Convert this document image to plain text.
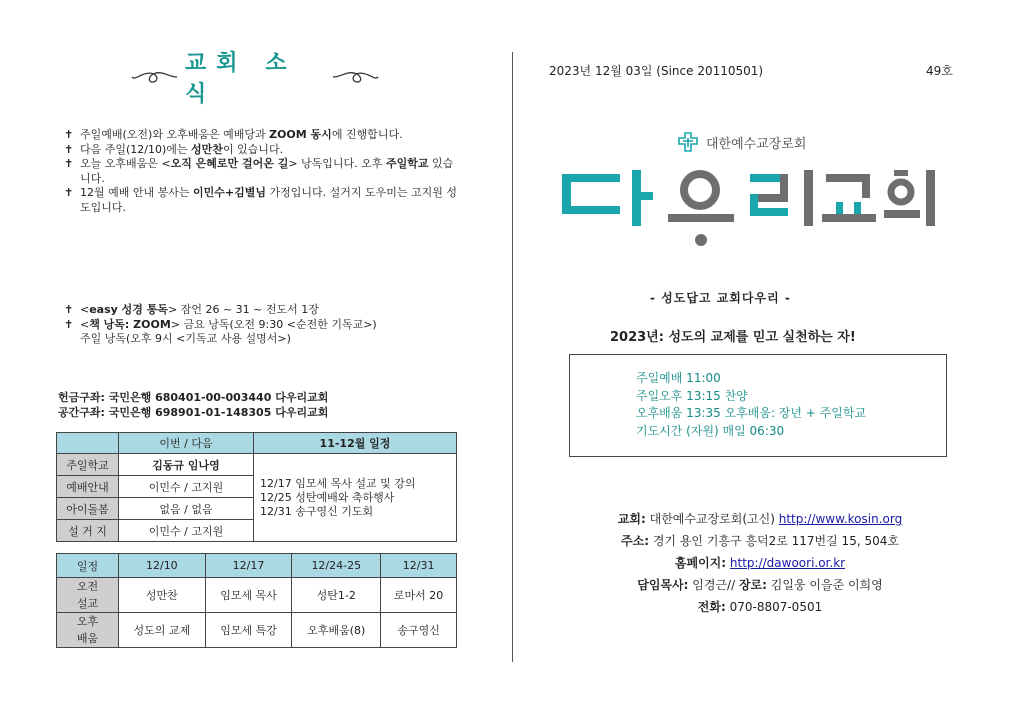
교회 소식
✝ 주일예배(오전)와 오후배움은 예배당과 ZOOM 동시에 진행합니다.
✝ 다음 주일(12/10)에는 성만찬이 있습니다.
✝ 오늘 오후배움은 <오직 은혜로만 걸어온 길> 낭독입니다. 오후 주일학교 있습니다.
✝ 12월 예배 안내 봉사는 이민수+김별님 가정입니다. 설거지 도우미는 고지원 성도입니다.
✝ <easy 성경 통독> 잠언 26 ~ 31 ~ 전도서 1장
✝ <책 낭독: ZOOM> 금요 낭독(오전 9:30 <순전한 기독교>)
주일 낭독(오후 9시 <기독교 사용 설명서>)
헌금구좌: 국민은행 680401-00-003440 다우리교회
공간구좌: 국민은행 698901-01-148305 다우리교회
	이번 / 다음	11-12월 일정
주일학교	김동규 임나영	12/17 임모세 목사 설교 및 강의
12/25 성탄예배와 축하행사
12/31 송구영신 기도회

예배안내	이민수 / 고지원	
아이돌봄	없음 / 없음	
설 거 지	이민수 / 고지원	
일정	12/10	12/17	12/24-25	12/31

오전
설교	성만찬	임모세 목사	성탄1-2	로마서 20

오후
배움	성도의 교제	임모세 특강	오후배움(8)	송구영신
2023년 12월 03일 (Since 20110501)	49호
대한예수교장로회
- 성도답고 교회다우리 -
2023년: 성도의 교제를 믿고 실천하는 자!
주일예배 11:00
주일오후 13:15 찬양
오후배움 13:35 오후배움: 장년 + 주일학교
기도시간 (자원) 매일 06:30
교회: 대한예수교장로회(고신) http://www.kosin.org
주소: 경기 용인 기흥구 흥덕2로 117번길 15, 504호
홈페이지: http://dawoori.or.kr
담임목사: 임경근// 장로: 김일웅 이을준 이희영
전화: 070-8807-0501
